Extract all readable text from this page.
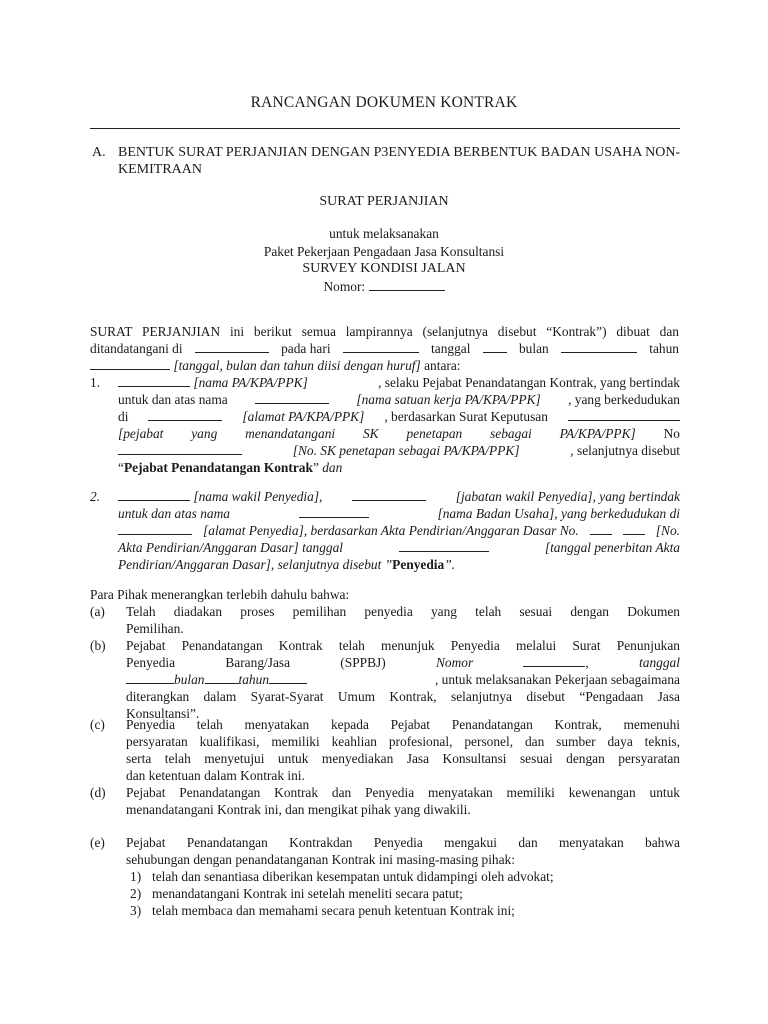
RANCANGAN DOKUMEN KONTRAK
A. BENTUK SURAT PERJANJIAN DENGAN P3ENYEDIA BERBENTUK BADAN USAHA NON-
KEMITRAAN
SURAT PERJANJIAN
untuk melaksanakan
Paket Pekerjaan Pengadaan Jasa Konsultansi
SURVEY KONDISI JALAN
Nomor:
SURAT PERJANJIAN ini berikut semua lampirannya (selanjutnya disebut “Kontrak”) dibuat dan
ditandatangani di	pada hari	tanggal	bulan	tahun
[tanggal, bulan dan tahun diisi dengan huruf] antara:
1.	[nama PA/KPA/PPK]	, selaku Pejabat Penandatangan Kontrak, yang bertindak
untuk dan atas nama	[nama satuan kerja PA/KPA/PPK] , yang berkedudukan
di	[alamat PA/KPA/PPK] , berdasarkan Surat Keputusan
[pejabat yang menandatangani SK penetapan sebagai PA/KPA/PPK] No
[No. SK penetapan sebagai PA/KPA/PPK]	, selanjutnya disebut
“Pejabat Penandatangan Kontrak” dan
2.	[nama wakil Penyedia],	[jabatan wakil Penyedia], yang bertindak
untuk dan atas nama	[nama Badan Usaha], yang berkedudukan di
[alamat Penyedia], berdasarkan Akta Pendirian/Anggaran Dasar No.	[No.
Akta Pendirian/Anggaran Dasar] tanggal	[tanggal penerbitan Akta
Pendirian/Anggaran Dasar], selanjutnya disebut ”Penyedia”.
Para Pihak menerangkan terlebih dahulu bahwa:
(a) Telah diadakan proses pemilihan penyedia yang telah sesuai dengan Dokumen
Pemilihan.
(b) Pejabat Penandatangan Kontrak telah menunjuk Penyedia melalui Surat Penunjukan
Penyedia	Barang/Jasa	(SPPBJ)	Nomor	,	tanggal
bulan	tahun	, untuk melaksanakan Pekerjaan sebagaimana
diterangkan dalam Syarat-Syarat Umum Kontrak, selanjutnya disebut “Pengadaan Jasa
Konsultansi”.
(c) Penyedia telah menyatakan kepada Pejabat Penandatangan Kontrak, memenuhi
persyaratan kualifikasi, memiliki keahlian profesional, personel, dan sumber daya teknis,
serta telah menyetujui untuk menyediakan Jasa Konsultansi sesuai dengan persyaratan
dan ketentuan dalam Kontrak ini.
(d) Pejabat Penandatangan Kontrak dan Penyedia menyatakan memiliki kewenangan untuk
menandatangani Kontrak ini, dan mengikat pihak yang diwakili.
(e) Pejabat Penandatangan Kontrakdan Penyedia mengakui dan menyatakan bahwa
sehubungan dengan penandatanganan Kontrak ini masing-masing pihak:
1) telah dan senantiasa diberikan kesempatan untuk didampingi oleh advokat;
2) menandatangani Kontrak ini setelah meneliti secara patut;
3) telah membaca dan memahami secara penuh ketentuan Kontrak ini;
